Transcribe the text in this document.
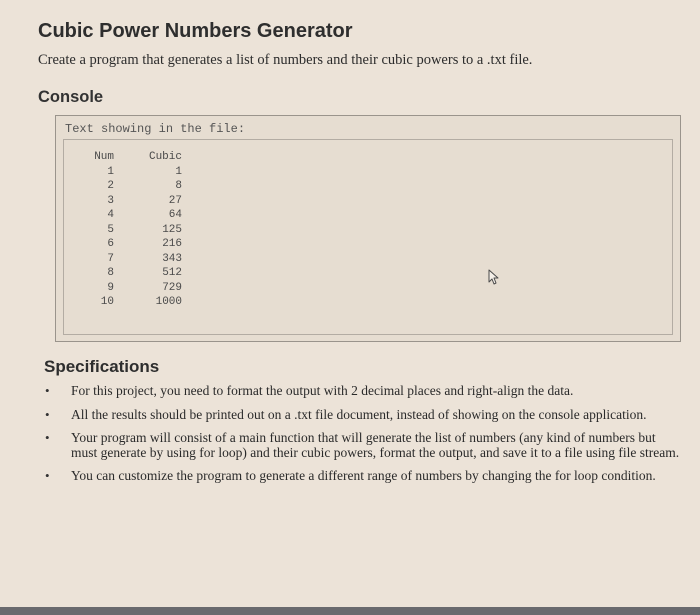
Cubic Power Numbers Generator
Create a program that generates a list of numbers and their cubic powers to a .txt file.
Console
Text showing in the file:
Num	Cubic
1	1
2	8
3	27
4	64
5	125
6	216
7	343
8	512
9	729
10	1000
Specifications
• For this project, you need to format the output with 2 decimal places and right-align the data.
• All the results should be printed out on a .txt file document, instead of showing on the console application.
• Your program will consist of a main function that will generate the list of numbers (any kind of numbers but must generate by using for loop) and their cubic powers, format the output, and save it to a file using file stream.
• You can customize the program to generate a different range of numbers by changing the for loop condition.
